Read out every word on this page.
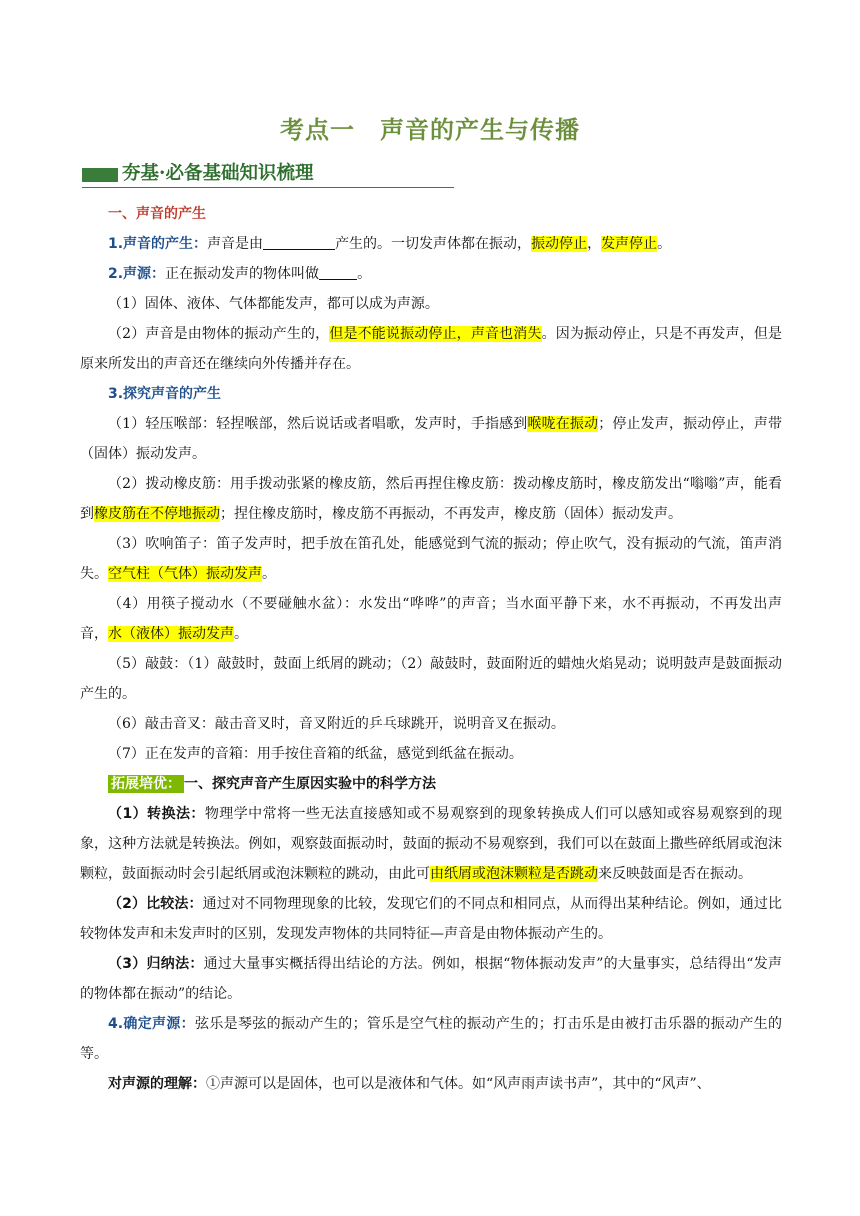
考点一　声音的产生与传播
夯基·必备基础知识梳理

一、声音的产生

1.声音的产生：声音是由	产生的。一切发声体都在振动，振动停止，发声停止。

2.声源：正在振动发声的物体叫做	。

（1）固体、液体、气体都能发声，都可以成为声源。

（2）声音是由物体的振动产生的，但是不能说振动停止，声音也消失。因为振动停止，只是不再发声，但是原来所发出的声音还在继续向外传播并存在。

3.探究声音的产生

（1）轻压喉部：轻捏喉部，然后说话或者唱歌，发声时，手指感到喉咙在振动；停止发声，振动停止，声带（固体）振动发声。

（2）拨动橡皮筋：用手拨动张紧的橡皮筋，然后再捏住橡皮筋：拨动橡皮筋时，橡皮筋发出“嗡嗡”声，能看到橡皮筋在不停地振动；捏住橡皮筋时，橡皮筋不再振动，不再发声，橡皮筋（固体）振动发声。

（3）吹响笛子：笛子发声时，把手放在笛孔处，能感觉到气流的振动；停止吹气，没有振动的气流，笛声消失。空气柱（气体）振动发声。

（4）用筷子搅动水（不要碰触水盆）：水发出“哗哗”的声音；当水面平静下来，水不再振动，不再发出声音，水（液体）振动发声。

（5）敲鼓：（1）敲鼓时，鼓面上纸屑的跳动；（2）敲鼓时，鼓面附近的蜡烛火焰晃动；说明鼓声是鼓面振动产生的。

（6）敲击音叉：敲击音叉时，音叉附近的乒乓球跳开，说明音叉在振动。

（7）正在发声的音箱：用手按住音箱的纸盆，感觉到纸盆在振动。

拓展培优： 一、探究声音产生原因实验中的科学方法

（1）转换法：物理学中常将一些无法直接感知或不易观察到的现象转换成人们可以感知或容易观察到的现象，这种方法就是转换法。例如，观察鼓面振动时，鼓面的振动不易观察到，我们可以在鼓面上撒些碎纸屑或泡沫颗粒，鼓面振动时会引起纸屑或泡沫颗粒的跳动，由此可由纸屑或泡沫颗粒是否跳动来反映鼓面是否在振动。

（2）比较法：通过对不同物理现象的比较，发现它们的不同点和相同点，从而得出某种结论。例如，通过比较物体发声和未发声时的区别，发现发声物体的共同特征—声音是由物体振动产生的。

（3）归纳法：通过大量事实概括得出结论的方法。例如，根据“物体振动发声”的大量事实，总结得出“发声的物体都在振动”的结论。

4.确定声源：弦乐是琴弦的振动产生的；管乐是空气柱的振动产生的；打击乐是由被打击乐器的振动产生的等。

对声源的理解：①声源可以是固体，也可以是液体和气体。如“风声雨声读书声”，其中的“风声”、
